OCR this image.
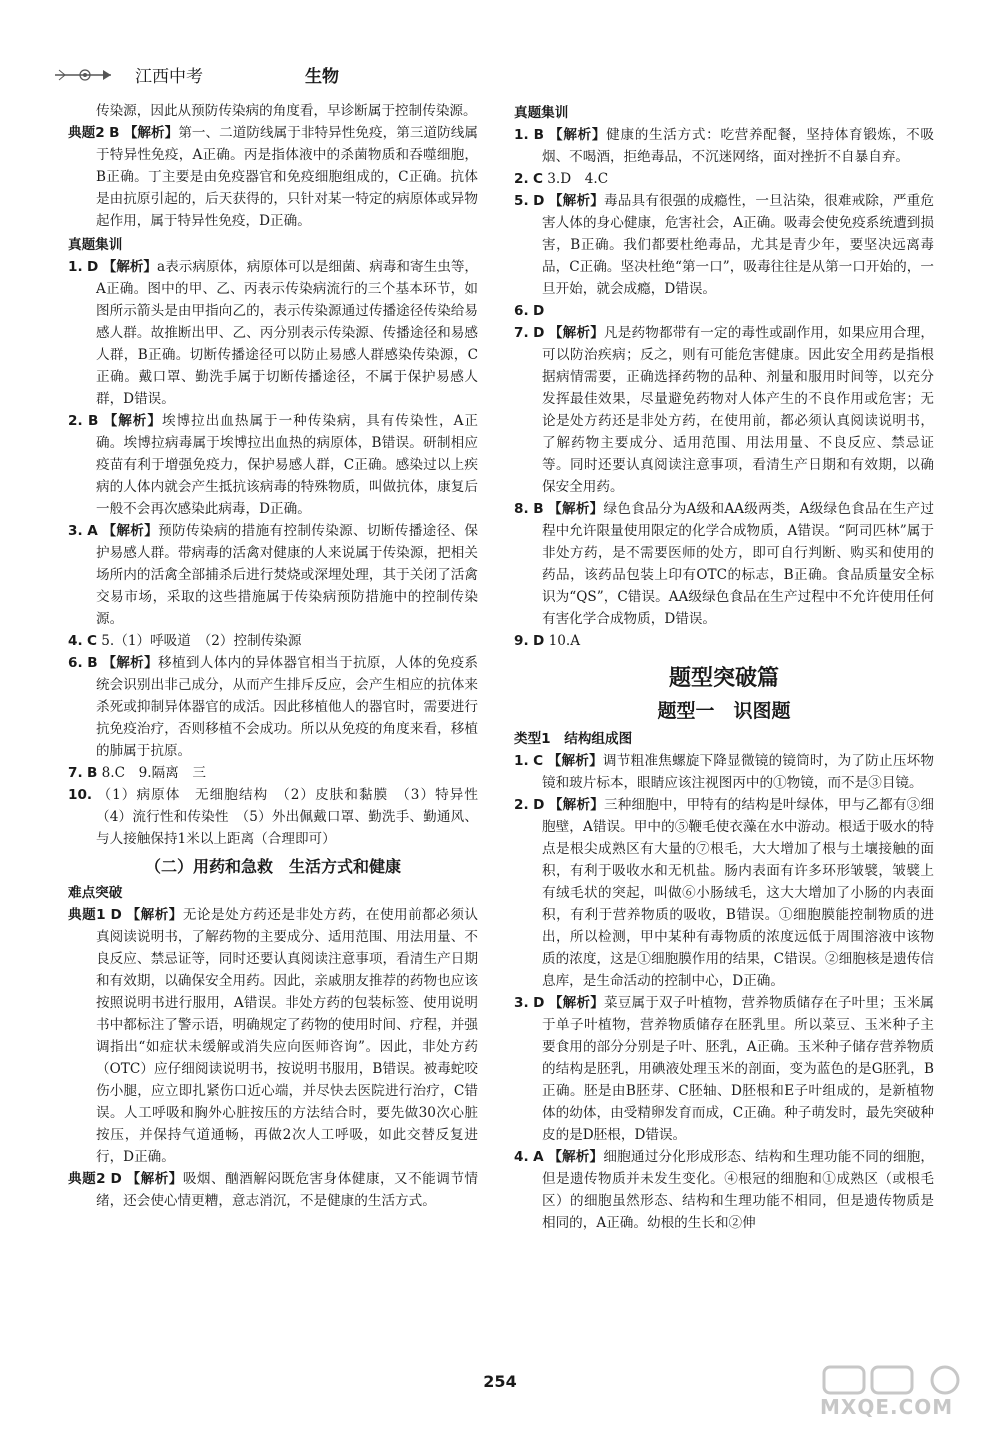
江西中考	生物

传染源，因此从预防传染病的角度看，早诊断属于控制传染源。

典题2 B 【解析】第一、二道防线属于非特异性免疫，第三道防线属于特异性免疫，A正确。丙是指体液中的杀菌物质和吞噬细胞，B正确。丁主要是由免疫器官和免疫细胞组成的，C正确。抗体是由抗原引起的，后天获得的，只针对某一特定的病原体或异物起作用，属于特异性免疫，D正确。

真题集训

1. D 【解析】a表示病原体，病原体可以是细菌、病毒和寄生虫等，A正确。图中的甲、乙、丙表示传染病流行的三个基本环节，如图所示箭头是由甲指向乙的，表示传染源通过传播途径传染给易感人群。故推断出甲、乙、丙分别表示传染源、传播途径和易感人群，B正确。切断传播途径可以防止易感人群感染传染源，C正确。戴口罩、勤洗手属于切断传播途径，不属于保护易感人群，D错误。

2. B 【解析】埃博拉出血热属于一种传染病，具有传染性，A正确。埃博拉病毒属于埃博拉出血热的病原体，B错误。研制相应疫苗有利于增强免疫力，保护易感人群，C正确。感染过以上疾病的人体内就会产生抵抗该病毒的特殊物质，叫做抗体，康复后一般不会再次感染此病毒，D正确。

3. A 【解析】预防传染病的措施有控制传染源、切断传播途径、保护易感人群。带病毒的活禽对健康的人来说属于传染源，把相关场所内的活禽全部捕杀后进行焚烧或深埋处理，其于关闭了活禽交易市场，采取的这些措施属于传染病预防措施中的控制传染源。

4. C 5.（1）呼吸道　（2）控制传染源

6. B 【解析】移植到人体内的异体器官相当于抗原，人体的免疫系统会识别出非己成分，从而产生排斥反应，会产生相应的抗体来杀死或抑制异体器官的成活。因此移植他人的器官时，需要进行抗免疫治疗，否则移植不会成功。所以从免疫的角度来看，移植的肺属于抗原。

7. B 8.C　9.隔离　三

10. （1）病原体　无细胞结构　（2）皮肤和黏膜　（3）特异性　（4）流行性和传染性　（5）外出佩戴口罩、勤洗手、勤通风、与人接触保持1米以上距离（合理即可）

（二）用药和急救　生活方式和健康

难点突破

典题1 D 【解析】无论是处方药还是非处方药，在使用前都必须认真阅读说明书，了解药物的主要成分、适用范围、用法用量、不良反应、禁忌证等，同时还要认真阅读注意事项，看清生产日期和有效期，以确保安全用药。因此，亲戚朋友推荐的药物也应该按照说明书进行服用，A错误。非处方药的包装标签、使用说明书中都标注了警示语，明确规定了药物的使用时间、疗程，并强调指出“如症状未缓解或消失应向医师咨询”。因此，非处方药（OTC）应仔细阅读说明书，按说明书服用，B错误。被毒蛇咬伤小腿，应立即扎紧伤口近心端，并尽快去医院进行治疗，C错误。人工呼吸和胸外心脏按压的方法结合时，要先做30次心脏按压，并保持气道通畅，再做2次人工呼吸，如此交替反复进行，D正确。

典题2 D 【解析】吸烟、酗酒解闷既危害身体健康，又不能调节情绪，还会使心情更糟，意志消沉，不是健康的生活方式。

真题集训

1. B 【解析】健康的生活方式：吃营养配餐，坚持体育锻炼，不吸烟、不喝酒，拒绝毒品，不沉迷网络，面对挫折不自暴自弃。

2. C 3.D　4.C

5. D 【解析】毒品具有很强的成瘾性，一旦沾染，很难戒除，严重危害人体的身心健康，危害社会，A正确。吸毒会使免疫系统遭到损害，B正确。我们都要杜绝毒品，尤其是青少年，要坚决远离毒品，C正确。坚决杜绝“第一口”，吸毒往往是从第一口开始的，一旦开始，就会成瘾，D错误。

6. D

7. D 【解析】凡是药物都带有一定的毒性或副作用，如果应用合理，可以防治疾病；反之，则有可能危害健康。因此安全用药是指根据病情需要，正确选择药物的品种、剂量和服用时间等，以充分发挥最佳效果，尽量避免药物对人体产生的不良作用或危害；无论是处方药还是非处方药，在使用前，都必须认真阅读说明书，了解药物主要成分、适用范围、用法用量、不良反应、禁忌证等。同时还要认真阅读注意事项，看清生产日期和有效期，以确保安全用药。

8. B 【解析】绿色食品分为A级和AA级两类，A级绿色食品在生产过程中允许限量使用限定的化学合成物质，A错误。“阿司匹林”属于非处方药，是不需要医师的处方，即可自行判断、购买和使用的药品，该药品包装上印有OTC的标志，B正确。食品质量安全标识为“QS”，C错误。AA级绿色食品在生产过程中不允许使用任何有害化学合成物质，D错误。

9. D 10.A

题型突破篇

题型一　识图题

类型1　结构组成图

1. C 【解析】调节粗准焦螺旋下降显微镜的镜筒时，为了防止压坏物镜和玻片标本，眼睛应该注视图丙中的①物镜，而不是③目镜。

2. D 【解析】三种细胞中，甲特有的结构是叶绿体，甲与乙都有③细胞壁，A错误。甲中的⑤鞭毛使衣藻在水中游动。根适于吸水的特点是根尖成熟区有大量的⑦根毛，大大增加了根与土壤接触的面积，有利于吸收水和无机盐。肠内表面有许多环形皱襞，皱襞上有绒毛状的突起，叫做⑥小肠绒毛，这大大增加了小肠的内表面积，有利于营养物质的吸收，B错误。①细胞膜能控制物质的进出，所以检测，甲中某种有毒物质的浓度远低于周围溶液中该物质的浓度，这是①细胞膜作用的结果，C错误。②细胞核是遗传信息库，是生命活动的控制中心，D正确。

3. D 【解析】菜豆属于双子叶植物，营养物质储存在子叶里；玉米属于单子叶植物，营养物质储存在胚乳里。所以菜豆、玉米种子主要食用的部分分别是子叶、胚乳，A正确。玉米种子储存营养物质的结构是胚乳，用碘液处理玉米的剖面，变为蓝色的是G胚乳，B正确。胚是由B胚芽、C胚轴、D胚根和E子叶组成的，是新植物体的幼体，由受精卵发育而成，C正确。种子萌发时，最先突破种皮的是D胚根，D错误。

4. A 【解析】细胞通过分化形成形态、结构和生理功能不同的细胞，但是遗传物质并未发生变化。④根冠的细胞和①成熟区（或根毛区）的细胞虽然形态、结构和生理功能不相同，但是遗传物质是相同的，A正确。幼根的生长和②伸

254
MXQE.COM
